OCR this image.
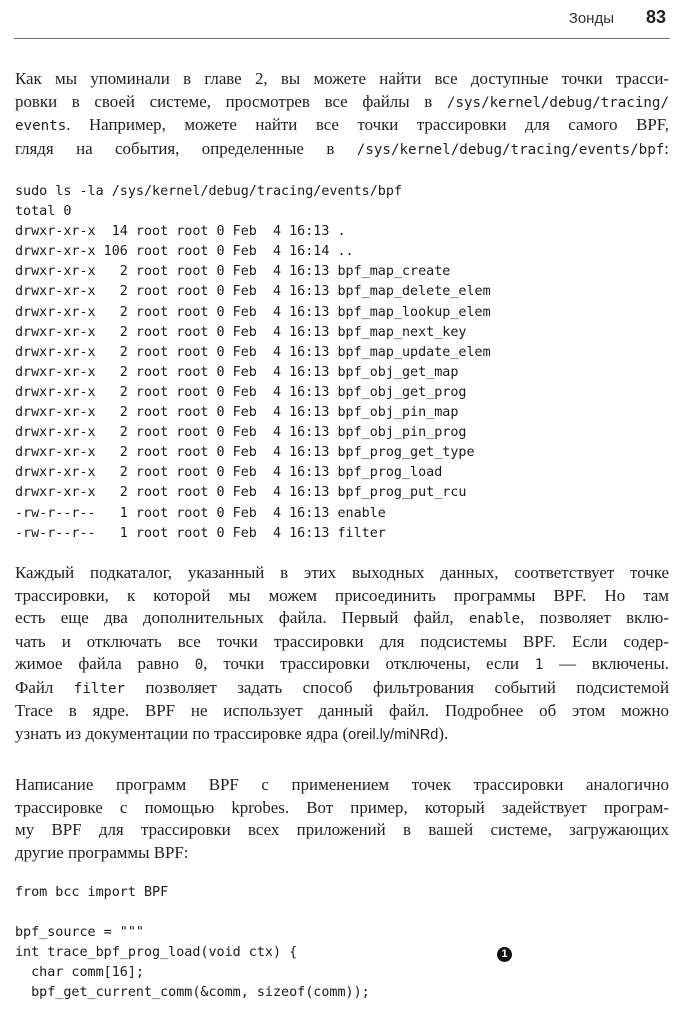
Зонды 83
Как мы упоминали в главе 2, вы можете найти все доступные точки трасси-
ровки в своей системе, просмотрев все файлы в /sys/kernel/debug/tracing/
events. Например, можете найти все точки трассировки для самого BPF,
глядя на события, определенные в /sys/kernel/debug/tracing/events/bpf:
sudo ls -la /sys/kernel/debug/tracing/events/bpf
total 0
drwxr-xr-x  14 root root 0 Feb  4 16:13 .
drwxr-xr-x 106 root root 0 Feb  4 16:14 ..
drwxr-xr-x   2 root root 0 Feb  4 16:13 bpf_map_create
drwxr-xr-x   2 root root 0 Feb  4 16:13 bpf_map_delete_elem
drwxr-xr-x   2 root root 0 Feb  4 16:13 bpf_map_lookup_elem
drwxr-xr-x   2 root root 0 Feb  4 16:13 bpf_map_next_key
drwxr-xr-x   2 root root 0 Feb  4 16:13 bpf_map_update_elem
drwxr-xr-x   2 root root 0 Feb  4 16:13 bpf_obj_get_map
drwxr-xr-x   2 root root 0 Feb  4 16:13 bpf_obj_get_prog
drwxr-xr-x   2 root root 0 Feb  4 16:13 bpf_obj_pin_map
drwxr-xr-x   2 root root 0 Feb  4 16:13 bpf_obj_pin_prog
drwxr-xr-x   2 root root 0 Feb  4 16:13 bpf_prog_get_type
drwxr-xr-x   2 root root 0 Feb  4 16:13 bpf_prog_load
drwxr-xr-x   2 root root 0 Feb  4 16:13 bpf_prog_put_rcu
-rw-r--r--   1 root root 0 Feb  4 16:13 enable
-rw-r--r--   1 root root 0 Feb  4 16:13 filter
Каждый подкаталог, указанный в этих выходных данных, соответствует точке
трассировки, к которой мы можем присоединить программы BPF. Но там
есть еще два дополнительных файла. Первый файл, enable, позволяет вклю-
чать и отключать все точки трассировки для подсистемы BPF. Если содер-
жимое файла равно 0, точки трассировки отключены, если 1 — включены.
Файл filter позволяет задать способ фильтрования событий подсистемой
Trace в ядре. BPF не использует данный файл. Подробнее об этом можно
узнать из документации по трассировке ядра (oreil.ly/miNRd).
Написание программ BPF с применением точек трассировки аналогично
трассировке с помощью kprobes. Вот пример, который задействует програм-
му BPF для трассировки всех приложений в вашей системе, загружающих
другие программы BPF:
from bcc import BPF
bpf_source = """
int trace_bpf_prog_load(void ctx) {
char comm[16];
bpf_get_current_comm(&comm, sizeof(comm));
1
